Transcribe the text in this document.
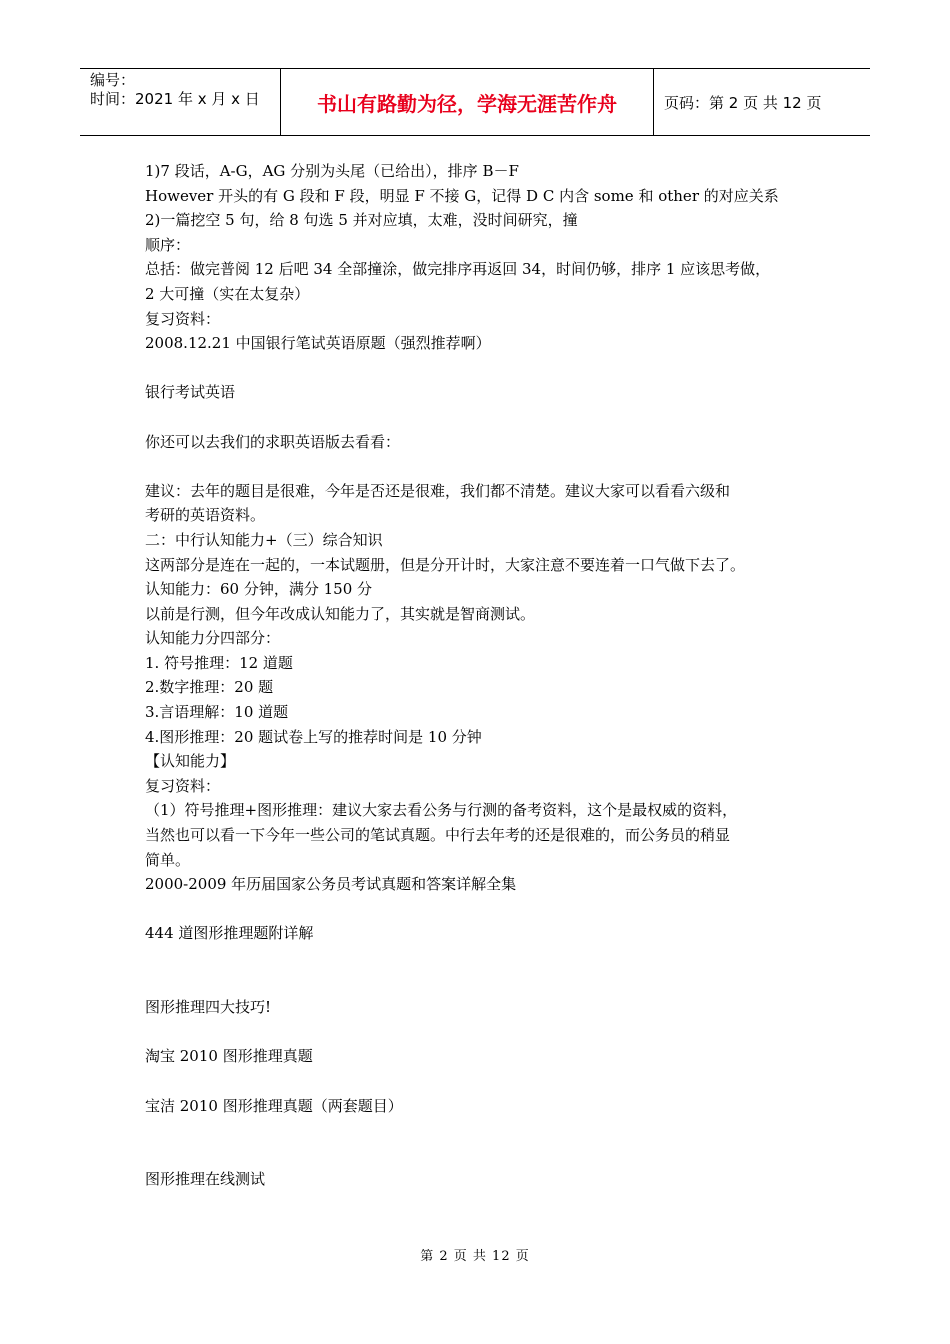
编号：
时间：2021 年 x 月 x 日	书山有路勤为径，学海无涯苦作舟	页码：第 2 页 共 12 页
1)7 段话，A-G，AG 分别为头尾（已给出），排序 B－F
However 开头的有 G 段和 F 段，明显 F 不接 G，记得 D C 内含 some 和 other 的对应关系
2)一篇挖空 5 句，给 8 句选 5 并对应填，太难，没时间研究，撞
顺序：
总括：做完普阅 12 后吧 34 全部撞涂，做完排序再返回 34，时间仍够，排序 1 应该思考做，
2 大可撞（实在太复杂）
复习资料：
2008.12.21 中国银行笔试英语原题（强烈推荐啊）
银行考试英语
你还可以去我们的求职英语版去看看：
建议：去年的题目是很难，今年是否还是很难，我们都不清楚。建议大家可以看看六级和
考研的英语资料。
二：中行认知能力+（三）综合知识
这两部分是连在一起的，一本试题册，但是分开计时，大家注意不要连着一口气做下去了。
认知能力：60 分钟，满分 150 分
以前是行测，但今年改成认知能力了，其实就是智商测试。
认知能力分四部分：
1. 符号推理：12 道题
2.数字推理：20 题
3.言语理解：10 道题
4.图形推理：20 题试卷上写的推荐时间是 10 分钟
【认知能力】
复习资料：
（1）符号推理+图形推理：建议大家去看公务与行测的备考资料，这个是最权威的资料，
当然也可以看一下今年一些公司的笔试真题。中行去年考的还是很难的，而公务员的稍显
简单。
2000-2009 年历届国家公务员考试真题和答案详解全集
444 道图形推理题附详解
图形推理四大技巧!
淘宝 2010 图形推理真题
宝洁 2010 图形推理真题（两套题目）
图形推理在线测试
第 2 页 共 12 页
